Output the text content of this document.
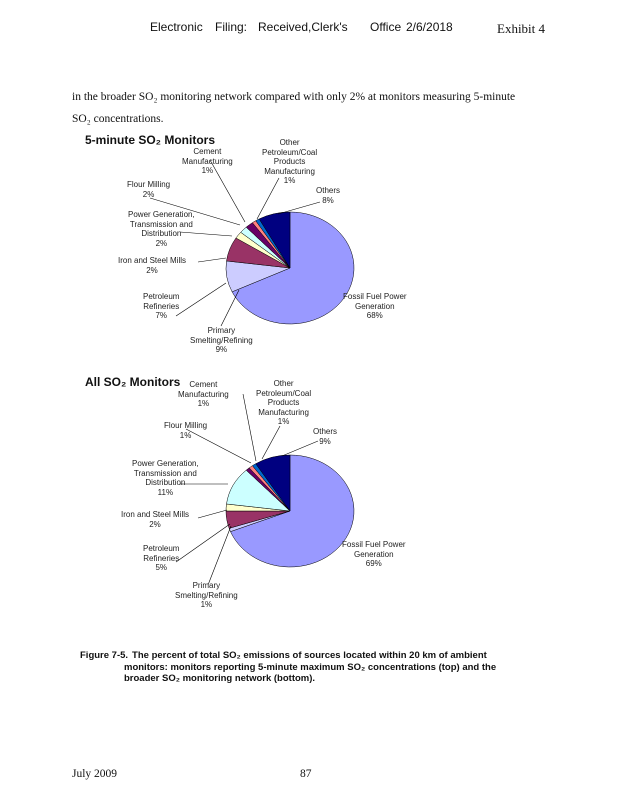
Electronic Filing: Received,Clerk's Office 2/6/2018	Exhibit 4
in the broader SO₂ monitoring network compared with only 2% at monitors measuring 5-minute
SO₂ concentrations.
5-minute SO₂ Monitors
All SO₂ Monitors
Cement
Manufacturing
1%
Other
Petroleum/Coal
Products
Manufacturing
1%
Flour Milling
2%	Others
8%
Power Generation,
Transmission and
Distribution
2%
Iron and Steel Mills
2%
Petroleum
Refineries
7%
Primary
Smelting/Refining
9%
Fossil Fuel Power
Generation
68%
Cement
Manufacturing
1%
Other
Petroleum/Coal
Products
Manufacturing
1%
Flour Milling
1%	Others
9%
Power Generation,
Transmission and
Distribution
11%
Iron and Steel Mills
2%
Petroleum
Refineries
5%
Primary
Smelting/Refining
1%
Fossil Fuel Power
Generation
69%
Figure 7-5. The percent of total SO₂ emissions of sources located within 20 km of ambient
monitors: monitors reporting 5-minute maximum SO₂ concentrations (top) and the
broader SO₂ monitoring network (bottom).
July 2009	87
